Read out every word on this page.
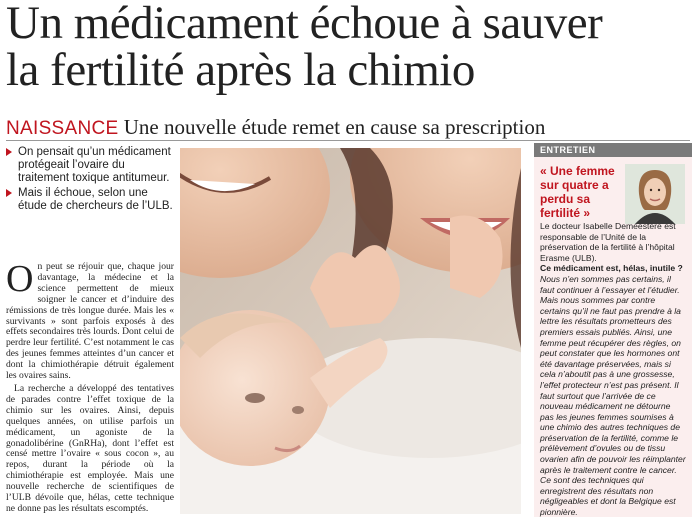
Un médicament échoue à sauver
la fertilité après la chimio
NAISSANCE Une nouvelle étude remet en cause sa prescription
On pensait qu’un médicament protégeait l’ovaire du traitement toxique antitumeur.
Mais il échoue, selon une étude de chercheurs de l’ULB.

On peut se réjouir que, chaque jour davantage, la médecine et la science permettent de mieux soigner le cancer et d’induire des rémissions de très longue durée. Mais les « survivants » sont parfois exposés à des effets secondaires très lourds. Dont celui de perdre leur fertilité. C’est notamment le cas des jeunes femmes atteintes d’un cancer et dont la chimiothérapie détruit également les ovaires sains.

La recherche a développé des tentatives de parades contre l’effet toxique de la chimio sur les ovaires. Ainsi, depuis quelques années, on utilise parfois un médicament, un agoniste de la gonadolibérine (GnRHa), dont l’effet est censé mettre l’ovaire « sous cocon », au repos, durant la période où la chimiothérapie est employée. Mais une nouvelle recherche de scientifiques de l’ULB dévoile que, hélas, cette technique ne donne pas les résultats escomptés.

ENTRETIEN
« Une femme sur quatre a perdu sa fertilité »

Le docteur Isabelle Demeestere est responsable de l’Unité de la préservation de la fertilité à l’hôpital Erasme (ULB).

Ce médicament est, hélas, inutile ?

Nous n’en sommes pas certains, il faut continuer à l’essayer et l’étudier. Mais nous sommes par contre certains qu’il ne faut pas prendre à la lettre les résultats prometteurs des premiers essais publiés. Ainsi, une femme peut récupérer des règles, on peut constater que les hormones ont été davantage préservées, mais si cela n’aboutit pas à une grossesse, l’effet protecteur n’est pas présent. Il faut surtout que l’arrivée de ce nouveau médicament ne détourne pas les jeunes femmes soumises à une chimio des autres techniques de préservation de la fertilité, comme le prélèvement d’ovules ou de tissu ovarien afin de pouvoir les réimplanter après le traitement contre le cancer. Ce sont des techniques qui enregistrent des résultats non négligeables et dont la Belgique est pionnière.
